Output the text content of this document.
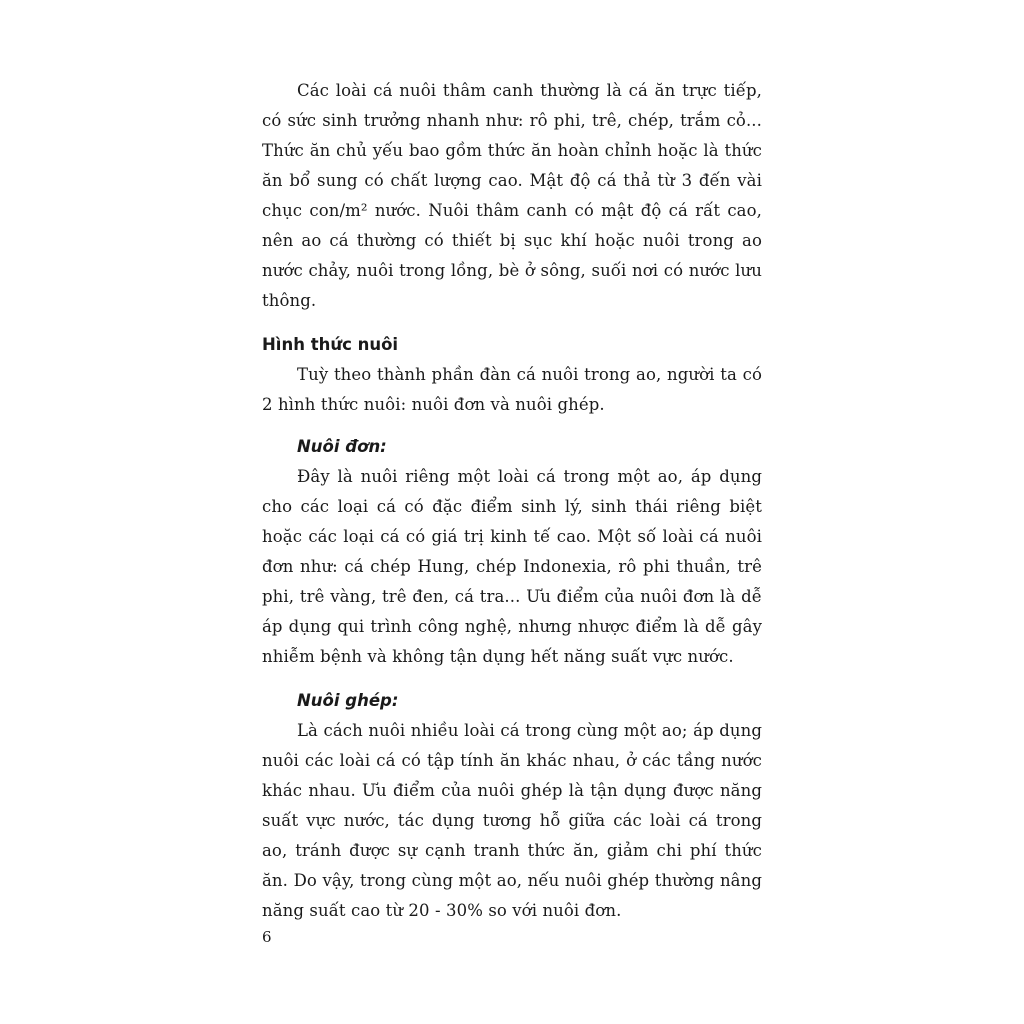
Các loài cá nuôi thâm canh thường là cá ăn trực tiếp, có sức sinh trưởng nhanh như: rô phi, trê, chép, trắm cỏ... Thức ăn chủ yếu bao gồm thức ăn hoàn chỉnh hoặc là thức ăn bổ sung có chất lượng cao. Mật độ cá thả từ 3 đến vài chục con/m² nước. Nuôi thâm canh có mật độ cá rất cao, nên ao cá thường có thiết bị sục khí hoặc nuôi trong ao nước chảy, nuôi trong lồng, bè ở sông, suối nơi có nước lưu thông.

Hình thức nuôi

Tuỳ theo thành phần đàn cá nuôi trong ao, người ta có 2 hình thức nuôi: nuôi đơn và nuôi ghép.

Nuôi đơn:

Đây là nuôi riêng một loài cá trong một ao, áp dụng cho các loại cá có đặc điểm sinh lý, sinh thái riêng biệt hoặc các loại cá có giá trị kinh tế cao. Một số loài cá nuôi đơn như: cá chép Hung, chép Indonexia, rô phi thuần, trê phi, trê vàng, trê đen, cá tra... Ưu điểm của nuôi đơn là dễ áp dụng qui trình công nghệ, nhưng nhược điểm là dễ gây nhiễm bệnh và không tận dụng hết năng suất vực nước.

Nuôi ghép:

Là cách nuôi nhiều loài cá trong cùng một ao; áp dụng nuôi các loài cá có tập tính ăn khác nhau, ở các tầng nước khác nhau. Ưu điểm của nuôi ghép là tận dụng được năng suất vực nước, tác dụng tương hỗ giữa các loài cá trong ao, tránh được sự cạnh tranh thức ăn, giảm chi phí thức ăn. Do vậy, trong cùng một ao, nếu nuôi ghép thường nâng năng suất cao từ 20 - 30% so với nuôi đơn.

6
